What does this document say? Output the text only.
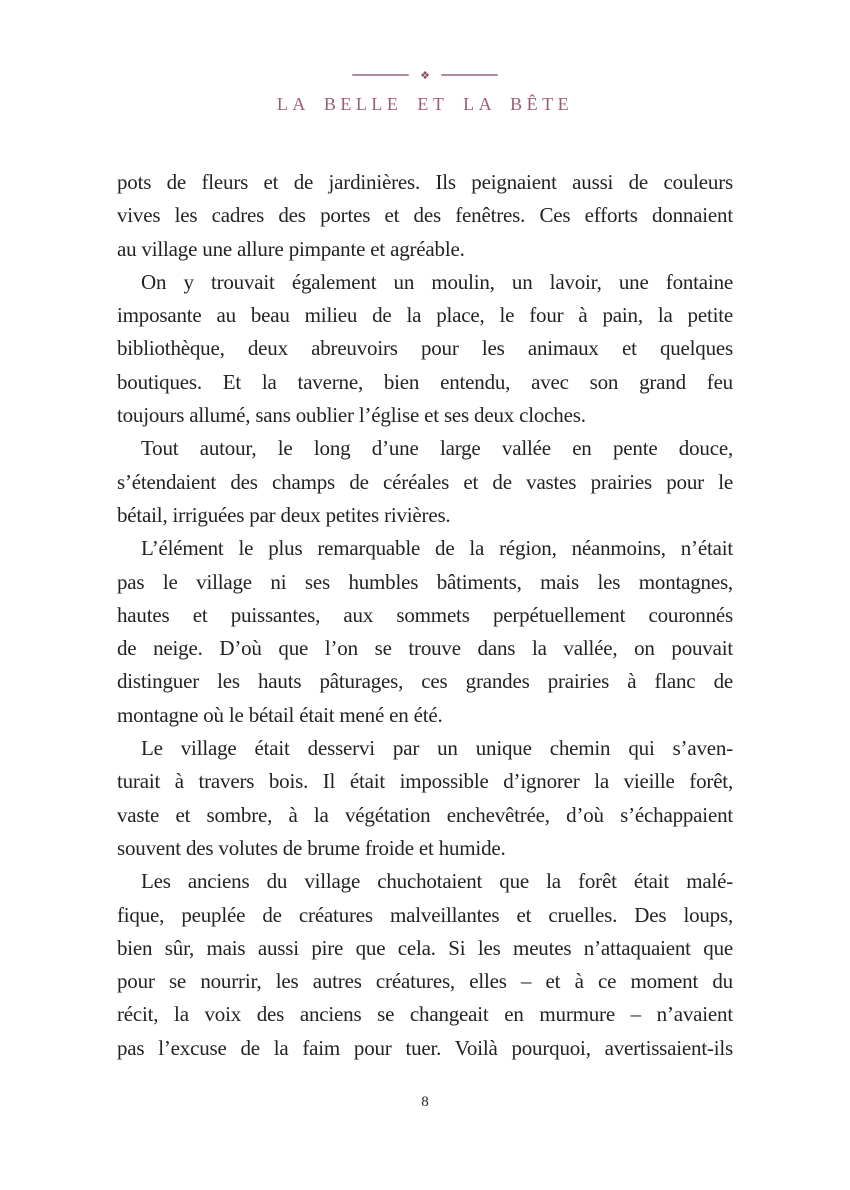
❖
LA BELLE ET LA BÊTE
pots de fleurs et de jardinières. Ils peignaient aussi de couleurs
vives les cadres des portes et des fenêtres. Ces efforts donnaient
au village une allure pimpante et agréable.
On y trouvait également un moulin, un lavoir, une fontaine
imposante au beau milieu de la place, le four à pain, la petite
bibliothèque, deux abreuvoirs pour les animaux et quelques
boutiques. Et la taverne, bien entendu, avec son grand feu
toujours allumé, sans oublier l’église et ses deux cloches.
Tout autour, le long d’une large vallée en pente douce,
s’étendaient des champs de céréales et de vastes prairies pour le
bétail, irriguées par deux petites rivières.
L’élément le plus remarquable de la région, néanmoins, n’était
pas le village ni ses humbles bâtiments, mais les montagnes,
hautes et puissantes, aux sommets perpétuellement couronnés
de neige. D’où que l’on se trouve dans la vallée, on pouvait
distinguer les hauts pâturages, ces grandes prairies à flanc de
montagne où le bétail était mené en été.
Le village était desservi par un unique chemin qui s’aven-
turait à travers bois. Il était impossible d’ignorer la vieille forêt,
vaste et sombre, à la végétation enchevêtrée, d’où s’échappaient
souvent des volutes de brume froide et humide.
Les anciens du village chuchotaient que la forêt était malé-
fique, peuplée de créatures malveillantes et cruelles. Des loups,
bien sûr, mais aussi pire que cela. Si les meutes n’attaquaient que
pour se nourrir, les autres créatures, elles – et à ce moment du
récit, la voix des anciens se changeait en murmure – n’avaient
pas l’excuse de la faim pour tuer. Voilà pourquoi, avertissaient-ils
8
